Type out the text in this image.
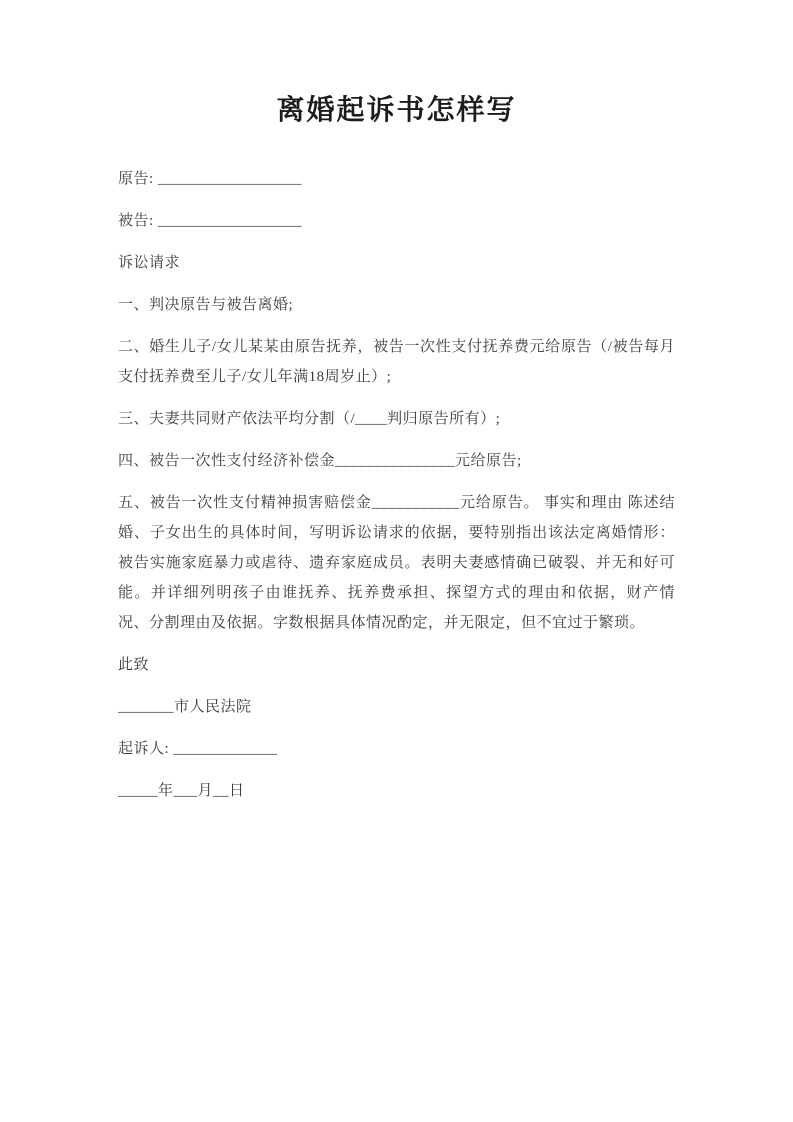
离婚起诉书怎样写

原告: __________________

被告: __________________

诉讼请求

一、判决原告与被告离婚;

二、婚生儿子/女儿某某由原告抚养，被告一次性支付抚养费元给原告（/被告每月支付抚养费至儿子/女儿年满18周岁止）;

三、夫妻共同财产依法平均分割（/____判归原告所有）;

四、被告一次性支付经济补偿金_______________元给原告;

五、被告一次性支付精神损害赔偿金___________元给原告。 事实和理由 陈述结婚、子女出生的具体时间，写明诉讼请求的依据，要特别指出该法定离婚情形：被告实施家庭暴力或虐待、遗弃家庭成员。表明夫妻感情确已破裂、并无和好可能。并详细列明孩子由谁抚养、抚养费承担、探望方式的理由和依据，财产情况、分割理由及依据。字数根据具体情况酌定，并无限定，但不宜过于繁琐。

此致

_______市人民法院

起诉人: _____________

_____年___月__日
